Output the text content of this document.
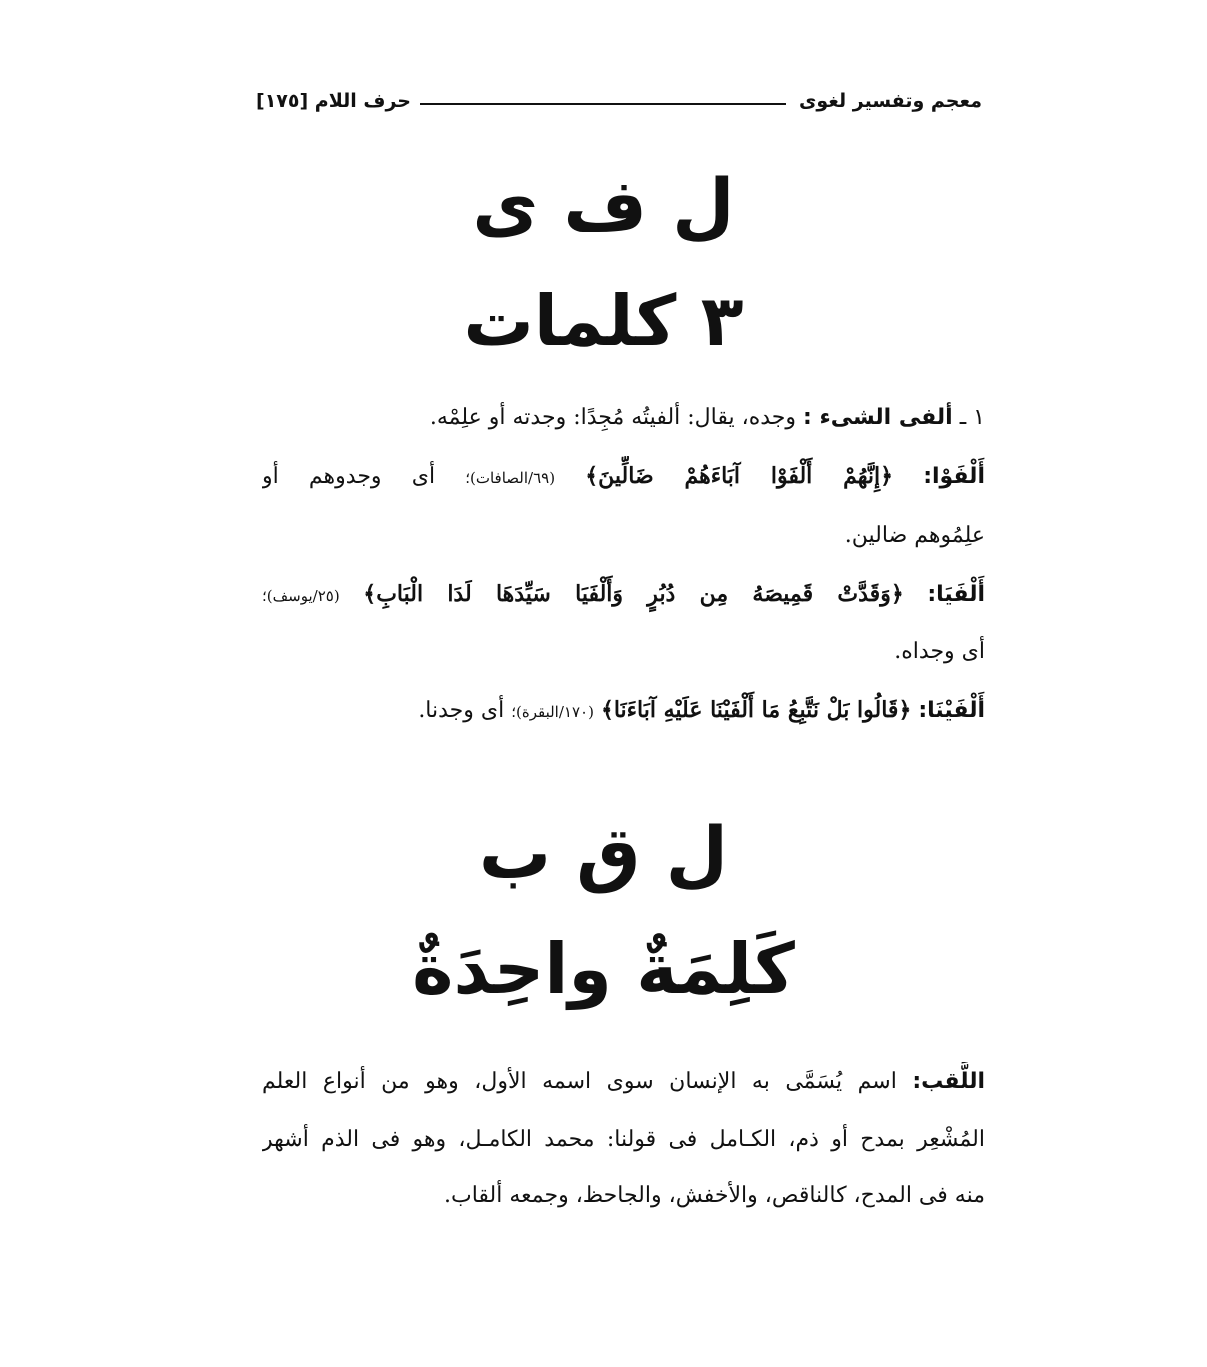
معجم وتفسير لغوى
حرف اللام [١٧٥]
ل ف ى
٣ كلمات
١ ـ ألفى الشىء : وجده، يقال: ألفيتُه مُجِدًا: وجدته أو علِمْه.
أَلْفَوْا: ﴿إِنَّهُمْ أَلْفَوْا آبَاءَهُمْ ضَالِّينَ﴾ (٦٩/الصافات)؛ أى وجدوهم أو
علِمُوهم ضالين.
أَلْفَيَا: ﴿وَقَدَّتْ قَمِيصَهُ مِن دُبُرٍ وَأَلْفَيَا سَيِّدَهَا لَدَا الْبَابِ﴾ (٢٥/يوسف)؛
أى وجداه.
أَلْفَيْنَا: ﴿قَالُوا بَلْ نَتَّبِعُ مَا أَلْفَيْنَا عَلَيْهِ آبَاءَنَا﴾ (١٧٠/البقرة)؛ أى وجدنا.
ل ق ب
كَلِمَةٌ واحِدَةٌ
اللَّقب: اسم يُسَمَّى به الإنسان سوى اسمه الأول، وهو من أنواع العلم
المُشْعِر بمدح أو ذم، الكـامل فى قولنا: محمد الكامـل، وهو فى الذم أشهر
منه فى المدح، كالناقص، والأخفش، والجاحظ، وجمعه ألقاب.
